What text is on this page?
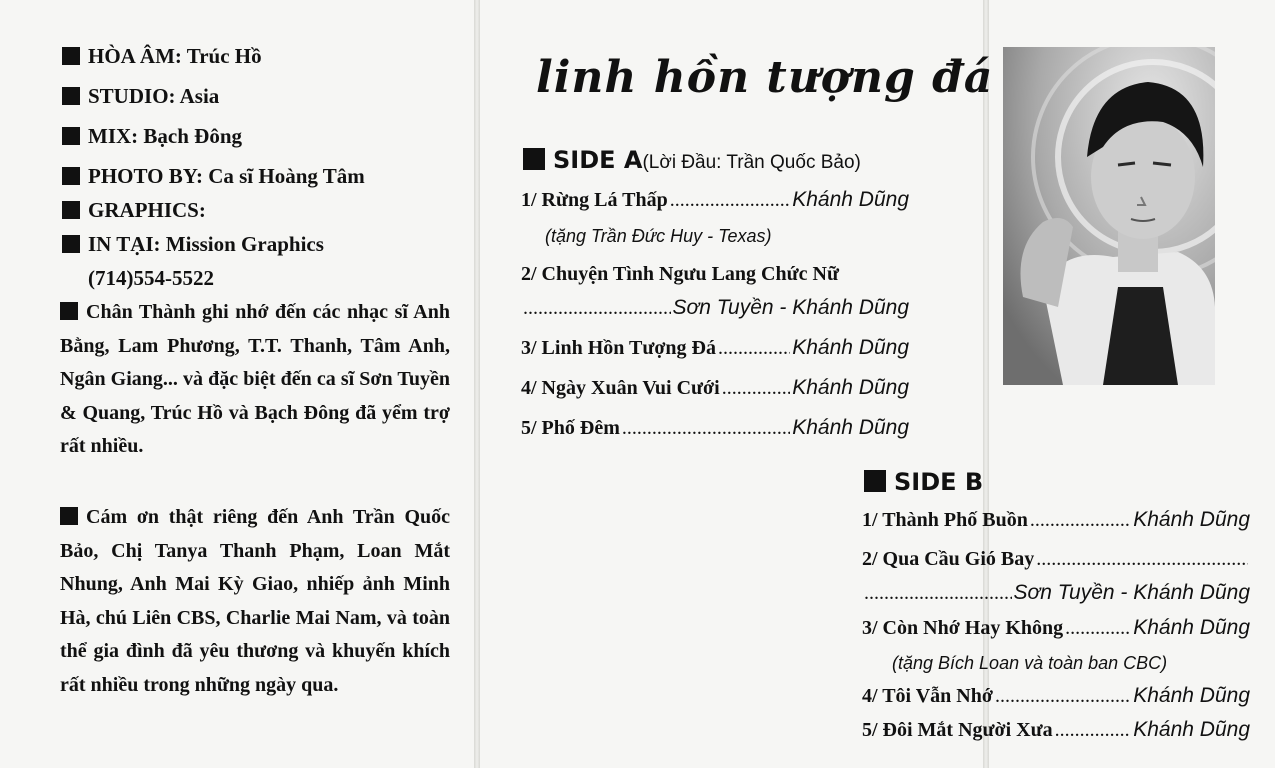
HÒA ÂM: Trúc Hồ
STUDIO: Asia
MIX: Bạch Đông
PHOTO BY: Ca sĩ Hoàng Tâm
GRAPHICS:
IN TẠI: Mission Graphics
(714)554-5522
Chân Thành ghi nhớ đến các nhạc sĩ Anh Bằng, Lam Phương, T.T. Thanh, Tâm Anh, Ngân Giang... và đặc biệt đến ca sĩ Sơn Tuyền & Quang, Trúc Hồ và Bạch Đông đã yểm trợ rất nhiều.
Cám ơn thật riêng đến Anh Trần Quốc Bảo, Chị Tanya Thanh Phạm, Loan Mắt Nhung, Anh Mai Kỳ Giao, nhiếp ảnh Minh Hà, chú Liên CBS, Charlie Mai Nam, và toàn thể gia đình đã yêu thương và khuyến khích rất nhiều trong những ngày qua.
linh hồn tượng đá
SIDE A(Lời Đầu: Trần Quốc Bảo)
1/ Rừng Lá Thấp .....	Khánh Dũng
(tặng Trần Đức Huy - Texas)
2/ Chuyện Tình Ngưu Lang Chức Nữ
.....
Sơn Tuyền - Khánh Dũng
3/ Linh Hồn Tượng Đá .....	Khánh Dũng
4/ Ngày Xuân Vui Cưới .....	Khánh Dũng
5/ Phố Đêm .....	Khánh Dũng
SIDE B
1/ Thành Phố Buồn .....	Khánh Dũng
2/ Qua Cầu Gió Bay
.....
.....
Sơn Tuyền - Khánh Dũng
3/ Còn Nhớ Hay Không .....	Khánh Dũng
(tặng Bích Loan và toàn ban CBC)
4/ Tôi Vẫn Nhớ .....	Khánh Dũng
5/ Đôi Mắt Người Xưa .....	Khánh Dũng
